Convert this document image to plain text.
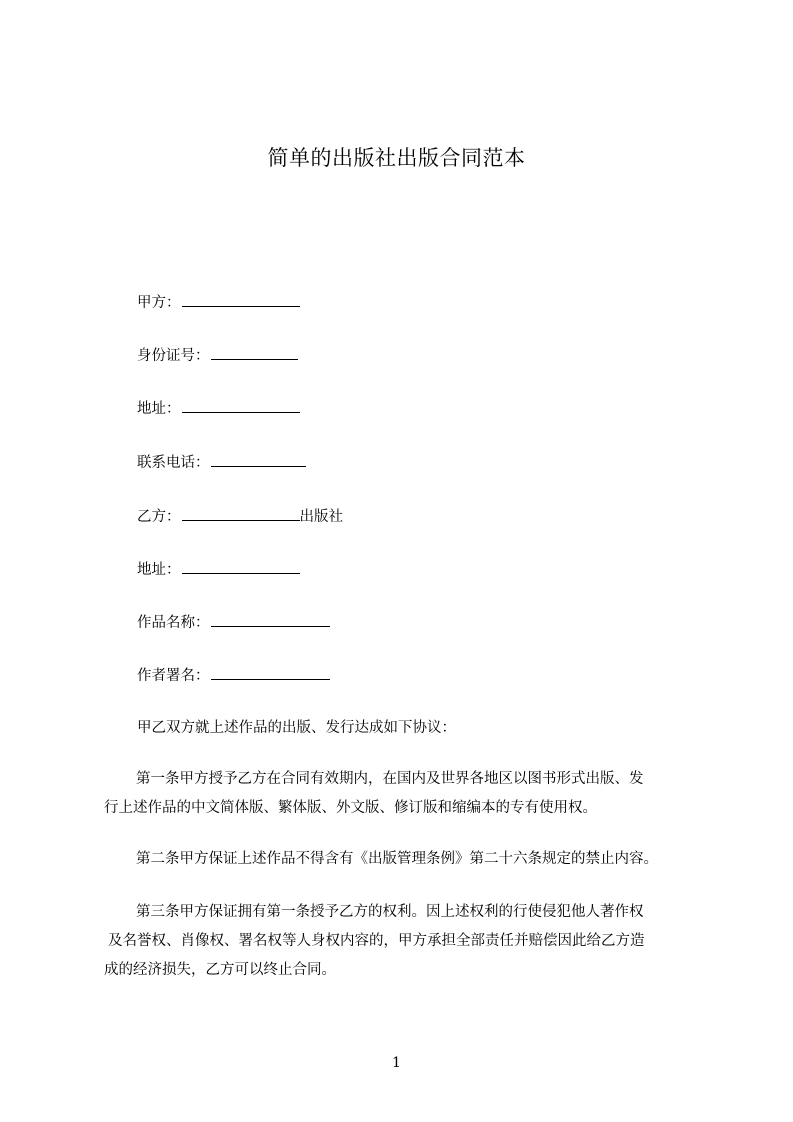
简单的出版社出版合同范本
甲方：
身份证号：
地址：
联系电话：
乙方：	出版社
地址：
作品名称：
作者署名：
甲乙双方就上述作品的出版、发行达成如下协议：
第一条甲方授予乙方在合同有效期内，在国内及世界各地区以图书形式出版、发
行上述作品的中文简体版、繁体版、外文版、修订版和缩编本的专有使用权。
第二条甲方保证上述作品不得含有《出版管理条例》第二十六条规定的禁止内容。
第三条甲方保证拥有第一条授予乙方的权利。因上述权利的行使侵犯他人著作权
及名誉权、肖像权、署名权等人身权内容的，甲方承担全部责任并赔偿因此给乙方造
成的经济损失，乙方可以终止合同。
1
